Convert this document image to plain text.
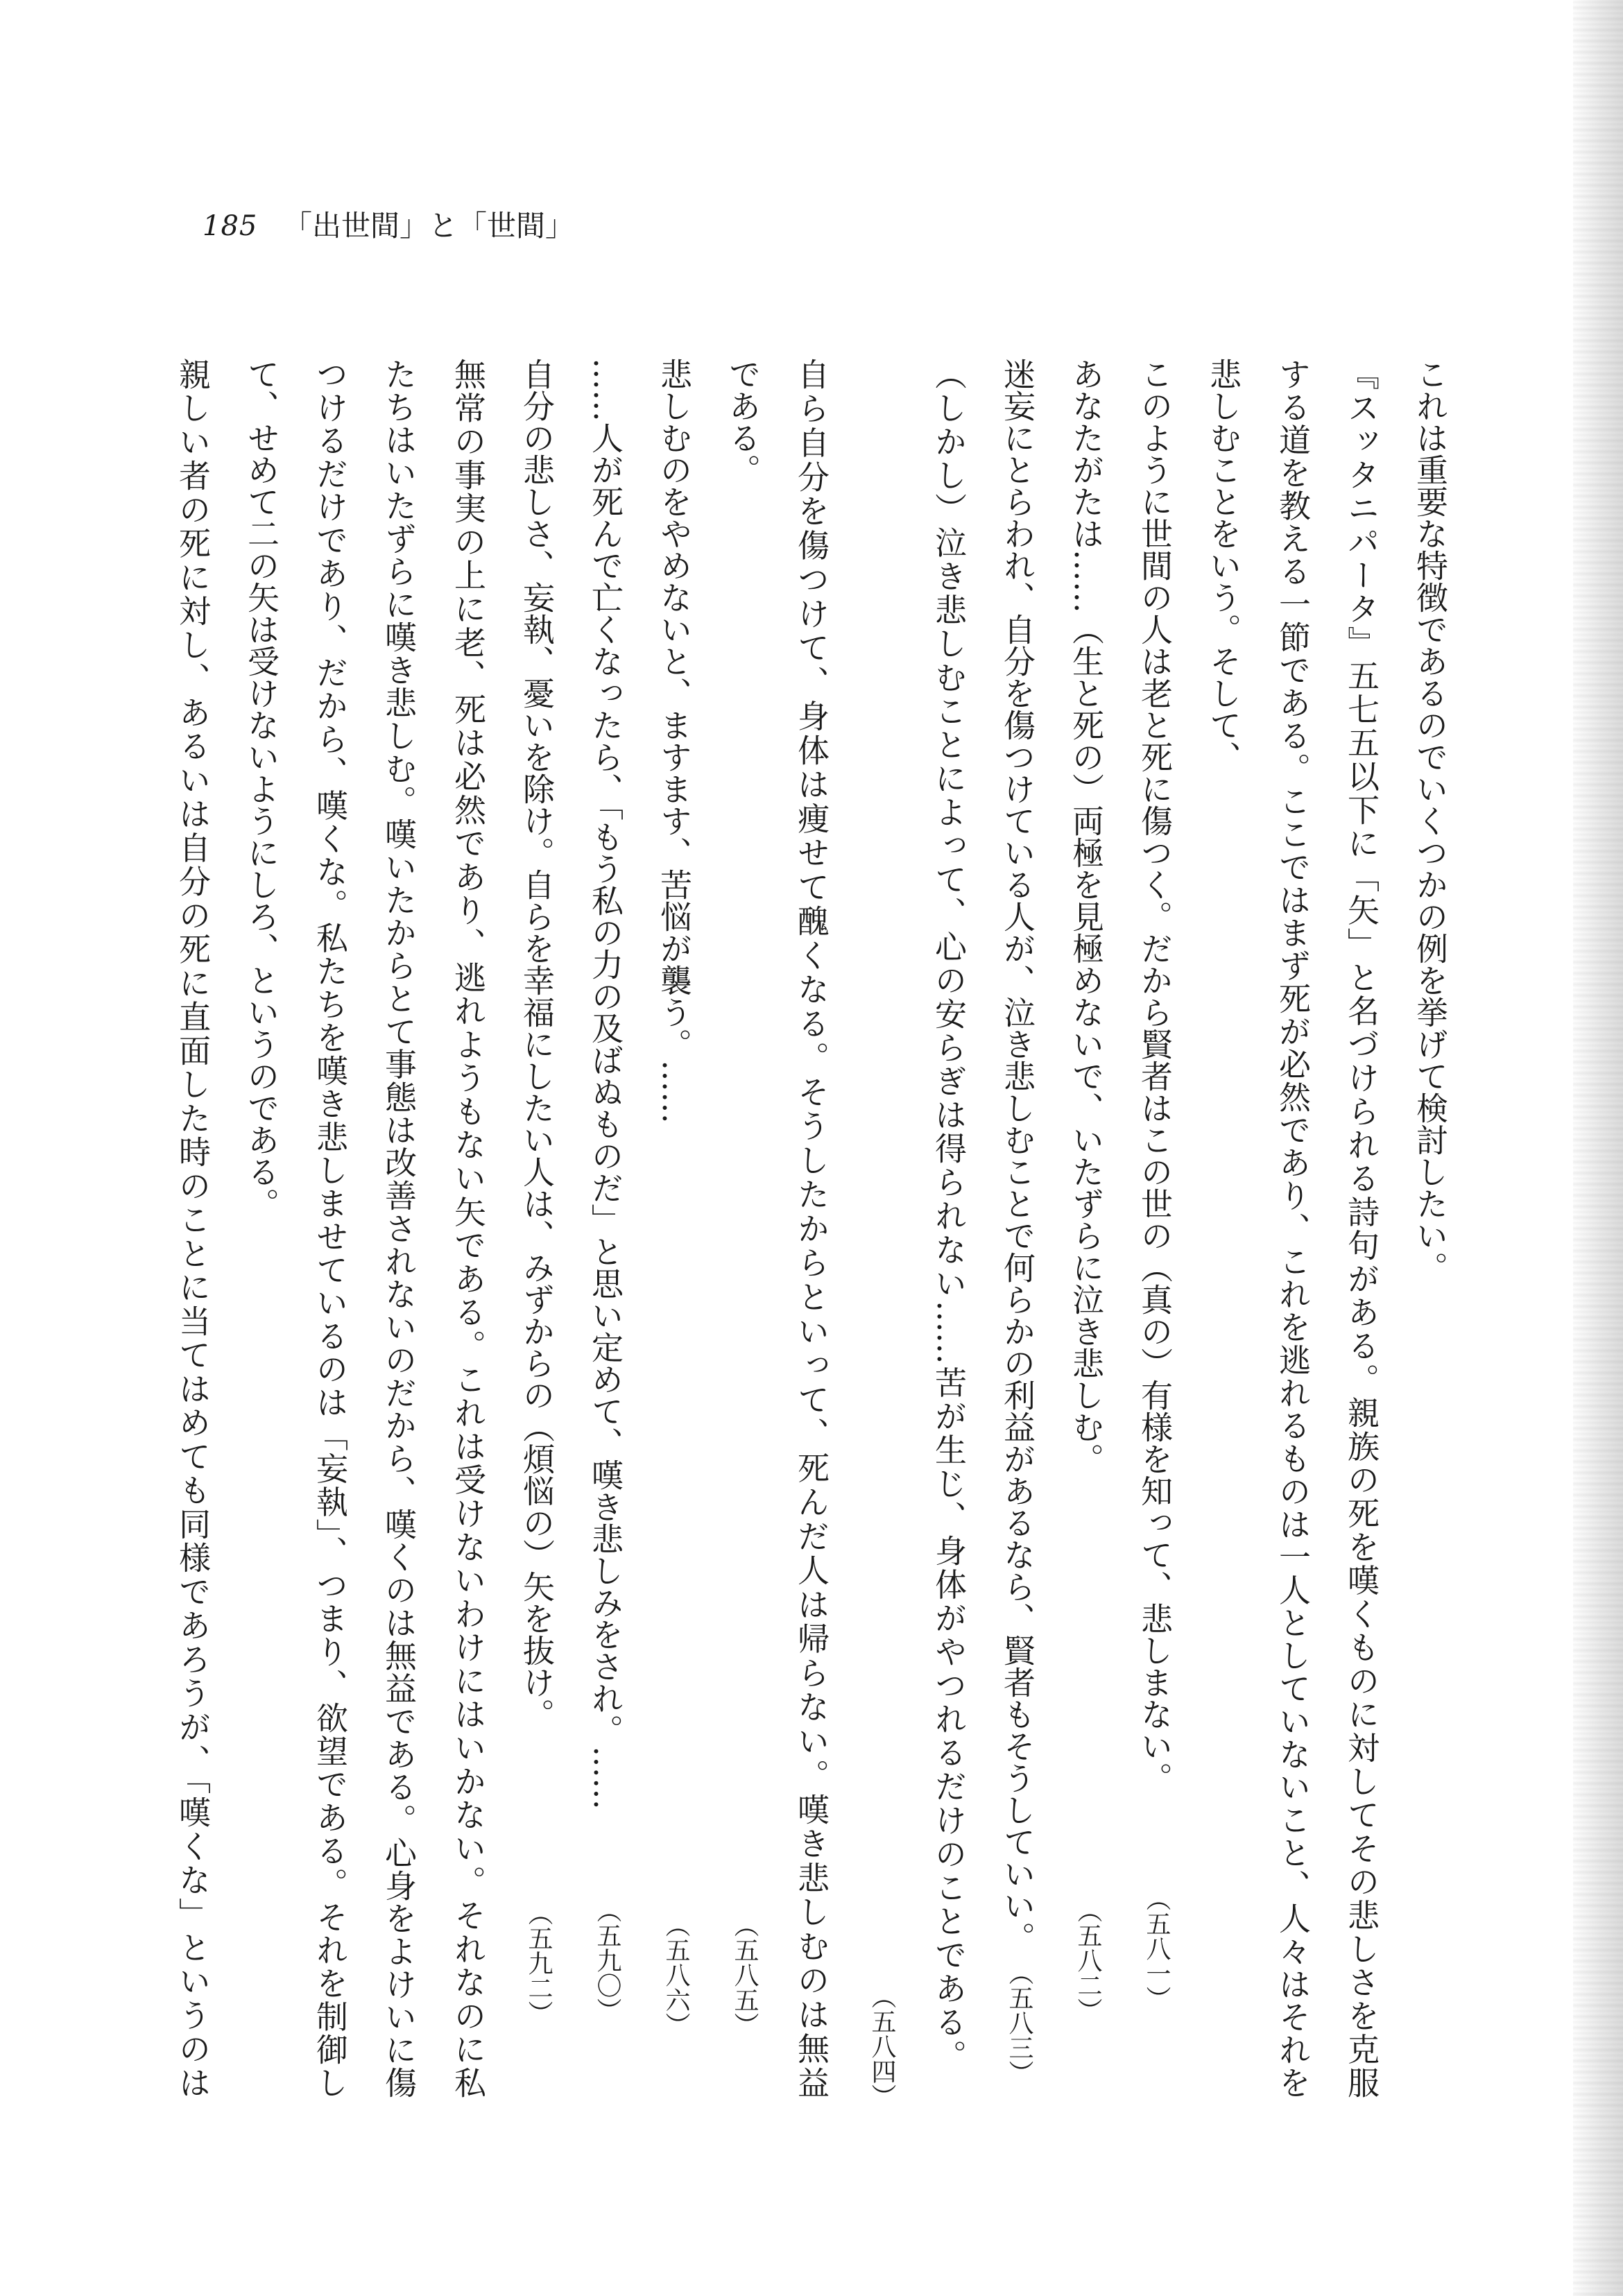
185 「出世間」と「世間」
これは重要な特徴であるのでいくつかの例を挙げて検討したい。
『スッタニパータ』五七五以下に「矢」と名づけられる詩句がある。親族の死を嘆くものに対してその悲しさを克服
する道を教える一節である。ここではまず死が必然であり、これを逃れるものは一人としていないこと、人々はそれを
悲しむことをいう。そして、
このように世間の人は老と死に傷つく。だから賢者はこの世の（真の）有様を知って、悲しまない。
（五八一）
あなたがたは……（生と死の）両極を見極めないで、いたずらに泣き悲しむ。
（五八二）
迷妄にとらわれ、自分を傷つけている人が、泣き悲しむことで何らかの利益があるなら、賢者もそうしていい。
（五八三）
（しかし）泣き悲しむことによって、心の安らぎは得られない……苦が生じ、身体がやつれるだけのことである。
（五八四）
自ら自分を傷つけて、身体は痩せて醜くなる。そうしたからといって、死んだ人は帰らない。嘆き悲しむのは無益
である。
（五八五）
悲しむのをやめないと、ますます、苦悩が襲う。……
（五八六）
……人が死んで亡くなったら、「もう私の力の及ばぬものだ」と思い定めて、嘆き悲しみをされ。……
（五九〇）
自分の悲しさ、妄執、憂いを除け。自らを幸福にしたい人は、みずからの（煩悩の）矢を抜け。
（五九二）
無常の事実の上に老、死は必然であり、逃れようもない矢である。これは受けないわけにはいかない。それなのに私
たちはいたずらに嘆き悲しむ。嘆いたからとて事態は改善されないのだから、嘆くのは無益である。心身をよけいに傷
つけるだけであり、だから、嘆くな。私たちを嘆き悲しませているのは「妄執」、つまり、欲望である。それを制御し
て、せめて二の矢は受けないようにしろ、というのである。
親しい者の死に対し、あるいは自分の死に直面した時のことに当てはめても同様であろうが、「嘆くな」というのは
